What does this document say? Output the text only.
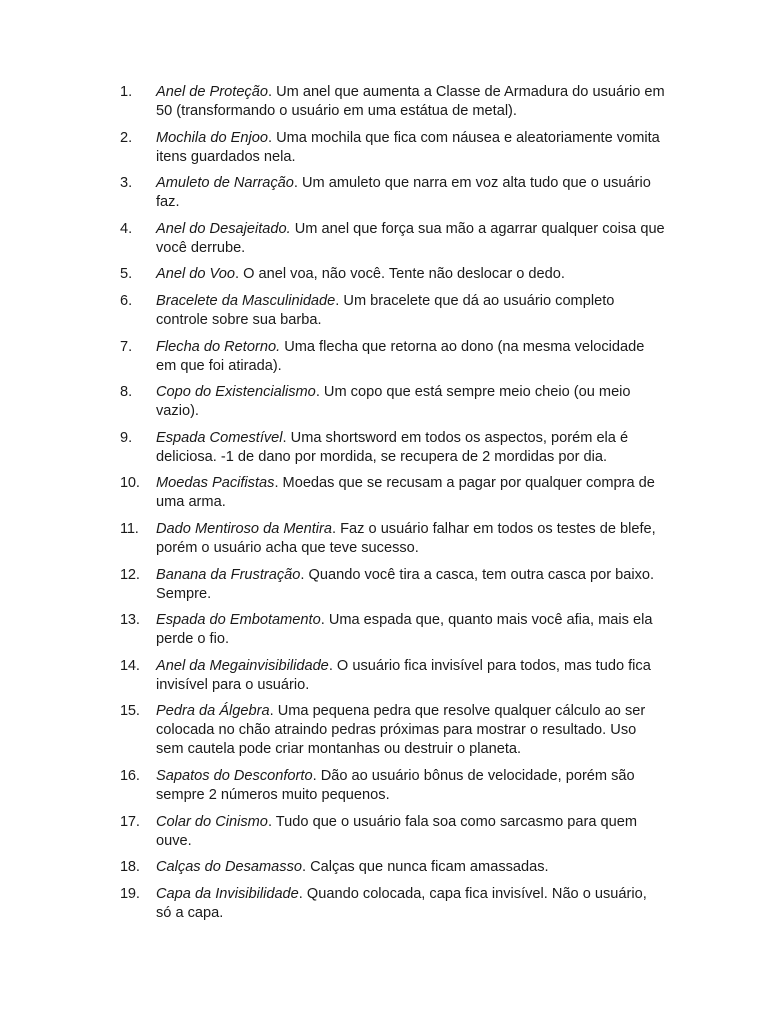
1.	Anel de Proteção. Um anel que aumenta a Classe de Armadura do usuário em 50 (transformando o usuário em uma estátua de metal).
2.	Mochila do Enjoo. Uma mochila que fica com náusea e aleatoriamente vomita itens guardados nela.
3.	Amuleto de Narração. Um amuleto que narra em voz alta tudo que o usuário faz.
4.	Anel do Desajeitado. Um anel que força sua mão a agarrar qualquer coisa que você derrube.
5.	Anel do Voo. O anel voa, não você. Tente não deslocar o dedo.
6.	Bracelete da Masculinidade. Um bracelete que dá ao usuário completo controle sobre sua barba.
7.	Flecha do Retorno. Uma flecha que retorna ao dono (na mesma velocidade em que foi atirada).
8.	Copo do Existencialismo. Um copo que está sempre meio cheio (ou meio vazio).
9.	Espada Comestível. Uma shortsword em todos os aspectos, porém ela é deliciosa. -1 de dano por mordida, se recupera de 2 mordidas por dia.
10.	Moedas Pacifistas. Moedas que se recusam a pagar por qualquer compra de uma arma.
11.	Dado Mentiroso da Mentira. Faz o usuário falhar em todos os testes de blefe, porém o usuário acha que teve sucesso.
12.	Banana da Frustração. Quando você tira a casca, tem outra casca por baixo. Sempre.
13.	Espada do Embotamento. Uma espada que, quanto mais você afia, mais ela perde o fio.
14.	Anel da Megainvisibilidade. O usuário fica invisível para todos, mas tudo fica invisível para o usuário.
15.	Pedra da Álgebra. Uma pequena pedra que resolve qualquer cálculo ao ser colocada no chão atraindo pedras próximas para mostrar o resultado. Uso sem cautela pode criar montanhas ou destruir o planeta.
16.	Sapatos do Desconforto. Dão ao usuário bônus de velocidade, porém são sempre 2 números muito pequenos.
17.	Colar do Cinismo. Tudo que o usuário fala soa como sarcasmo para quem ouve.
18.	Calças do Desamasso. Calças que nunca ficam amassadas.
19.	Capa da Invisibilidade. Quando colocada, capa fica invisível. Não o usuário, só a capa.
